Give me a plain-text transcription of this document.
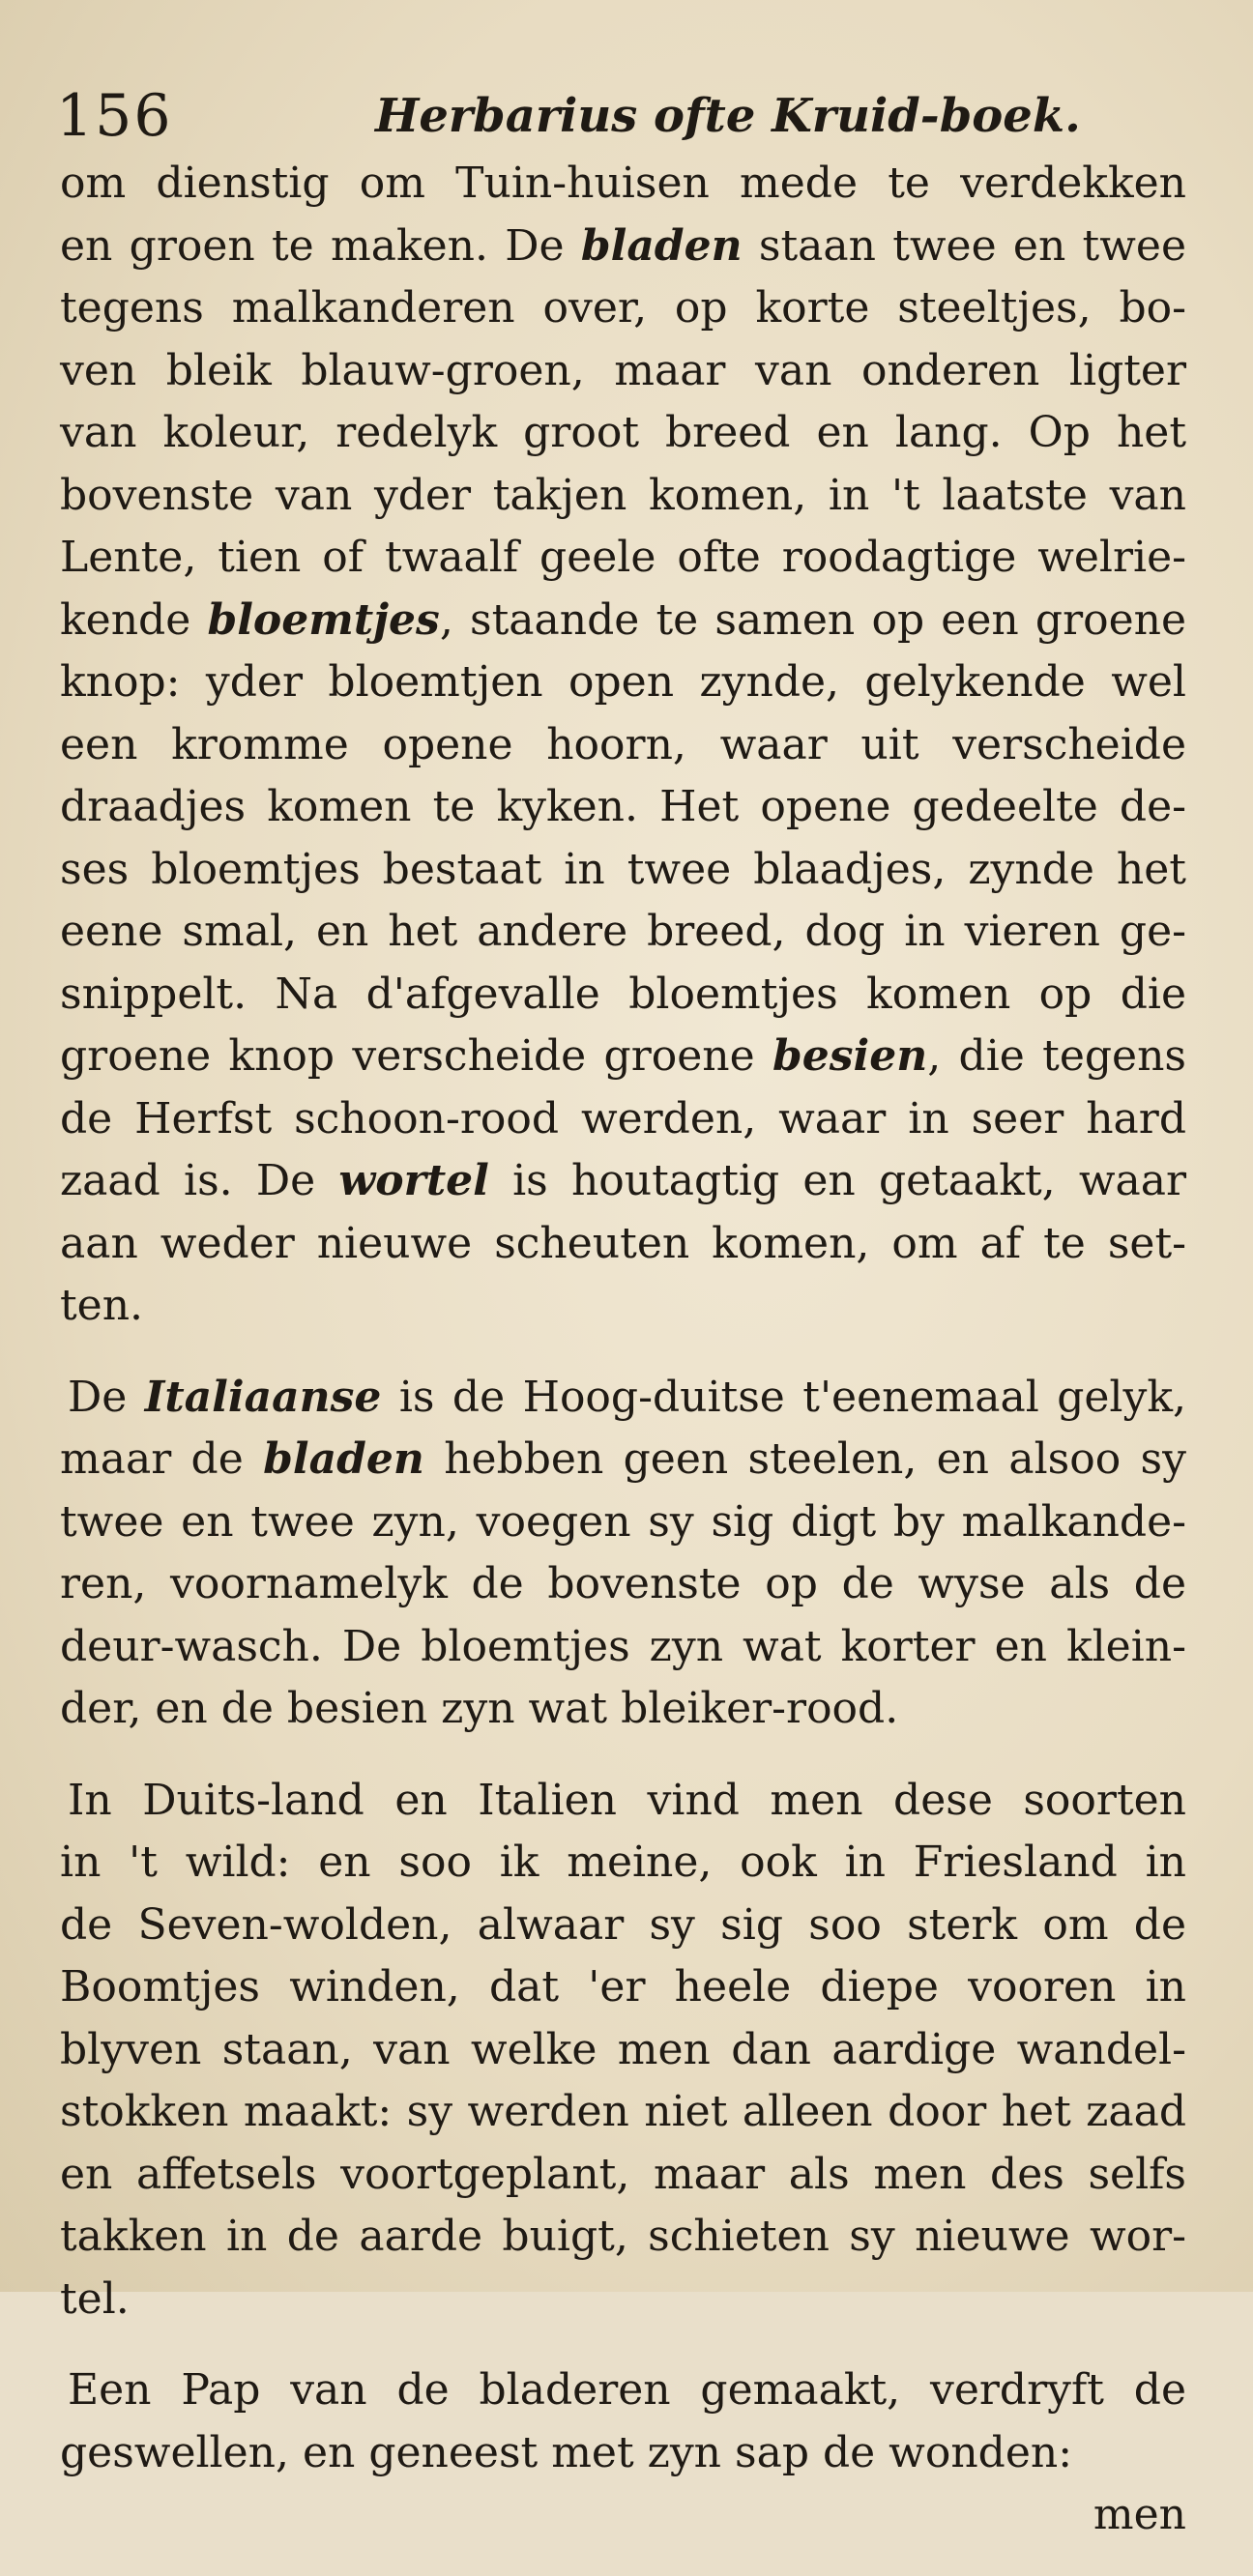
156	Herbarius ofte Kruid-boek.
om dienstig om Tuin-huisen mede te verdekken
en groen te maken. De bladen staan twee en twee
tegens malkanderen over, op korte steeltjes, bo-
ven bleik blauw-groen, maar van onderen ligter
van koleur, redelyk groot breed en lang. Op het
bovenste van yder takjen komen, in 't laatste van
Lente, tien of twaalf geele ofte roodagtige welrie-
kende bloemtjes, staande te samen op een groene
knop: yder bloemtjen open zynde, gelykende wel
een kromme opene hoorn, waar uit verscheide
draadjes komen te kyken. Het opene gedeelte de-
ses bloemtjes bestaat in twee blaadjes, zynde het
eene smal, en het andere breed, dog in vieren ge-
snippelt. Na d'afgevalle bloemtjes komen op die
groene knop verscheide groene besien, die tegens
de Herfst schoon-rood werden, waar in seer hard
zaad is. De wortel is houtagtig en getaakt, waar
aan weder nieuwe scheuten komen, om af te set-
ten.
De Italiaanse is de Hoog-duitse t'eenemaal gelyk,
maar de bladen hebben geen steelen, en alsoo sy
twee en twee zyn, voegen sy sig digt by malkande-
ren, voornamelyk de bovenste op de wyse als de
deur-wasch. De bloemtjes zyn wat korter en klein-
der, en de besien zyn wat bleiker-rood.
In Duits-land en Italien vind men dese soorten
in 't wild: en soo ik meine, ook in Friesland in
de Seven-wolden, alwaar sy sig soo sterk om de
Boomtjes winden, dat 'er heele diepe vooren in
blyven staan, van welke men dan aardige wandel-
stokken maakt: sy werden niet alleen door het zaad
en affetsels voortgeplant, maar als men des selfs
takken in de aarde buigt, schieten sy nieuwe wor-
tel.
Een Pap van de bladeren gemaakt, verdryft de
geswellen, en geneest met zyn sap de wonden:
men
